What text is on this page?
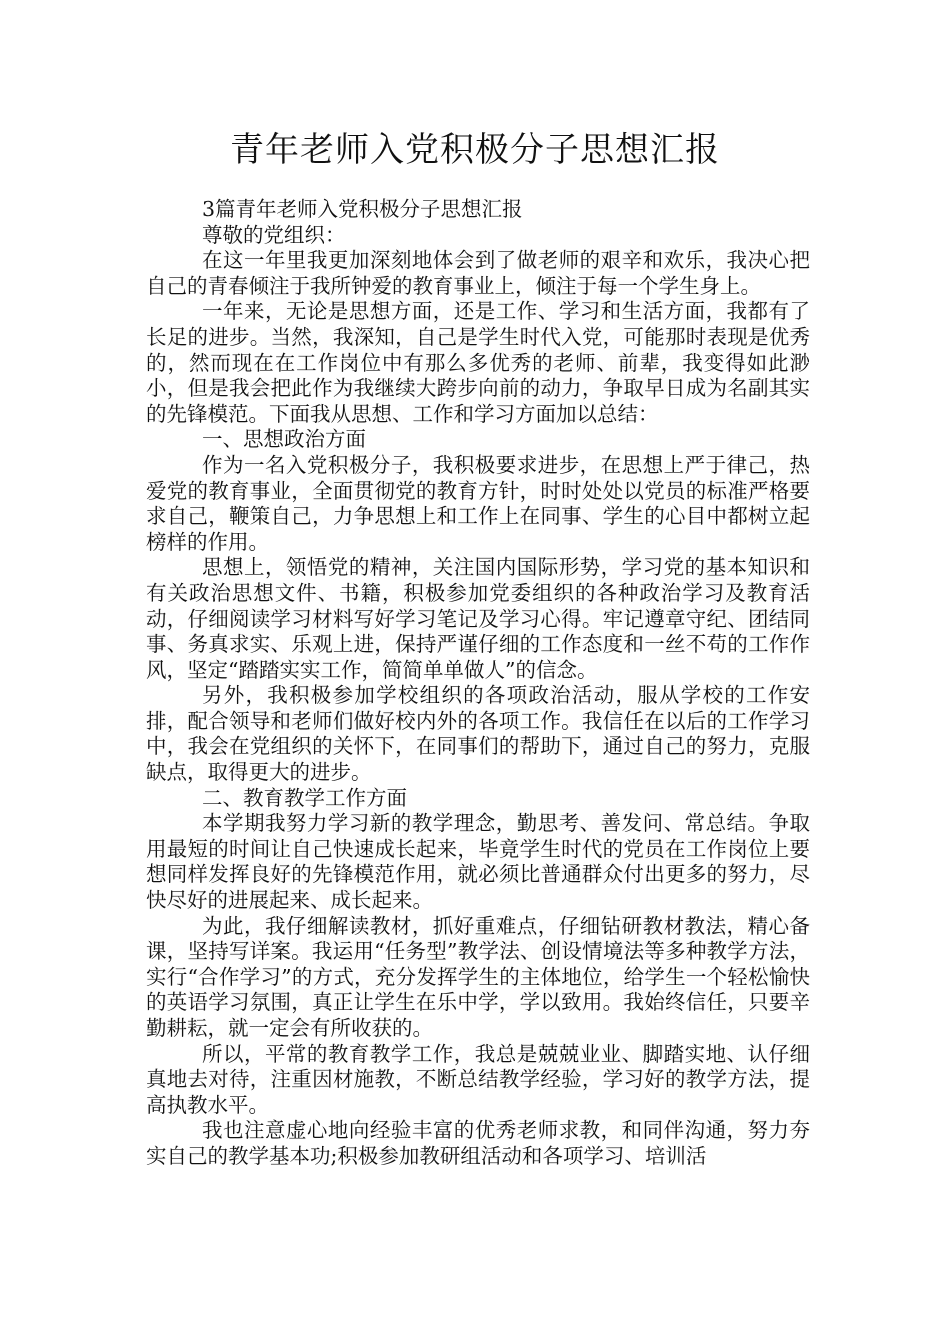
青年老师入党积极分子思想汇报

3篇青年老师入党积极分子思想汇报

尊敬的党组织：

在这一年里我更加深刻地体会到了做老师的艰辛和欢乐，我决心把自己的青春倾注于我所钟爱的教育事业上，倾注于每一个学生身上。

一年来，无论是思想方面，还是工作、学习和生活方面，我都有了长足的进步。当然，我深知，自己是学生时代入党，可能那时表现是优秀的，然而现在在工作岗位中有那么多优秀的老师、前辈，我变得如此渺小，但是我会把此作为我继续大跨步向前的动力，争取早日成为名副其实的先锋模范。下面我从思想、工作和学习方面加以总结：

一、思想政治方面

作为一名入党积极分子，我积极要求进步，在思想上严于律己，热爱党的教育事业，全面贯彻党的教育方针，时时处处以党员的标准严格要求自己，鞭策自己，力争思想上和工作上在同事、学生的心目中都树立起榜样的作用。

思想上，领悟党的精神，关注国内国际形势，学习党的基本知识和有关政治思想文件、书籍，积极参加党委组织的各种政治学习及教育活动，仔细阅读学习材料写好学习笔记及学习心得。牢记遵章守纪、团结同事、务真求实、乐观上进，保持严谨仔细的工作态度和一丝不苟的工作作风，坚定“踏踏实实工作，简简单单做人”的信念。

另外，我积极参加学校组织的各项政治活动，服从学校的工作安排，配合领导和老师们做好校内外的各项工作。我信任在以后的工作学习中，我会在党组织的关怀下，在同事们的帮助下，通过自己的努力，克服缺点，取得更大的进步。

二、教育教学工作方面

本学期我努力学习新的教学理念，勤思考、善发问、常总结。争取用最短的时间让自己快速成长起来，毕竟学生时代的党员在工作岗位上要想同样发挥良好的先锋模范作用，就必须比普通群众付出更多的努力，尽快尽好的进展起来、成长起来。

为此，我仔细解读教材，抓好重难点，仔细钻研教材教法，精心备课，坚持写详案。我运用“任务型”教学法、创设情境法等多种教学方法，实行“合作学习”的方式，充分发挥学生的主体地位，给学生一个轻松愉快的英语学习氛围，真正让学生在乐中学，学以致用。我始终信任，只要辛勤耕耘，就一定会有所收获的。

所以，平常的教育教学工作，我总是兢兢业业、脚踏实地、认仔细真地去对待，注重因材施教，不断总结教学经验，学习好的教学方法，提高执教水平。

我也注意虚心地向经验丰富的优秀老师求教，和同伴沟通，努力夯实自己的教学基本功;积极参加教研组活动和各项学习、培训活
